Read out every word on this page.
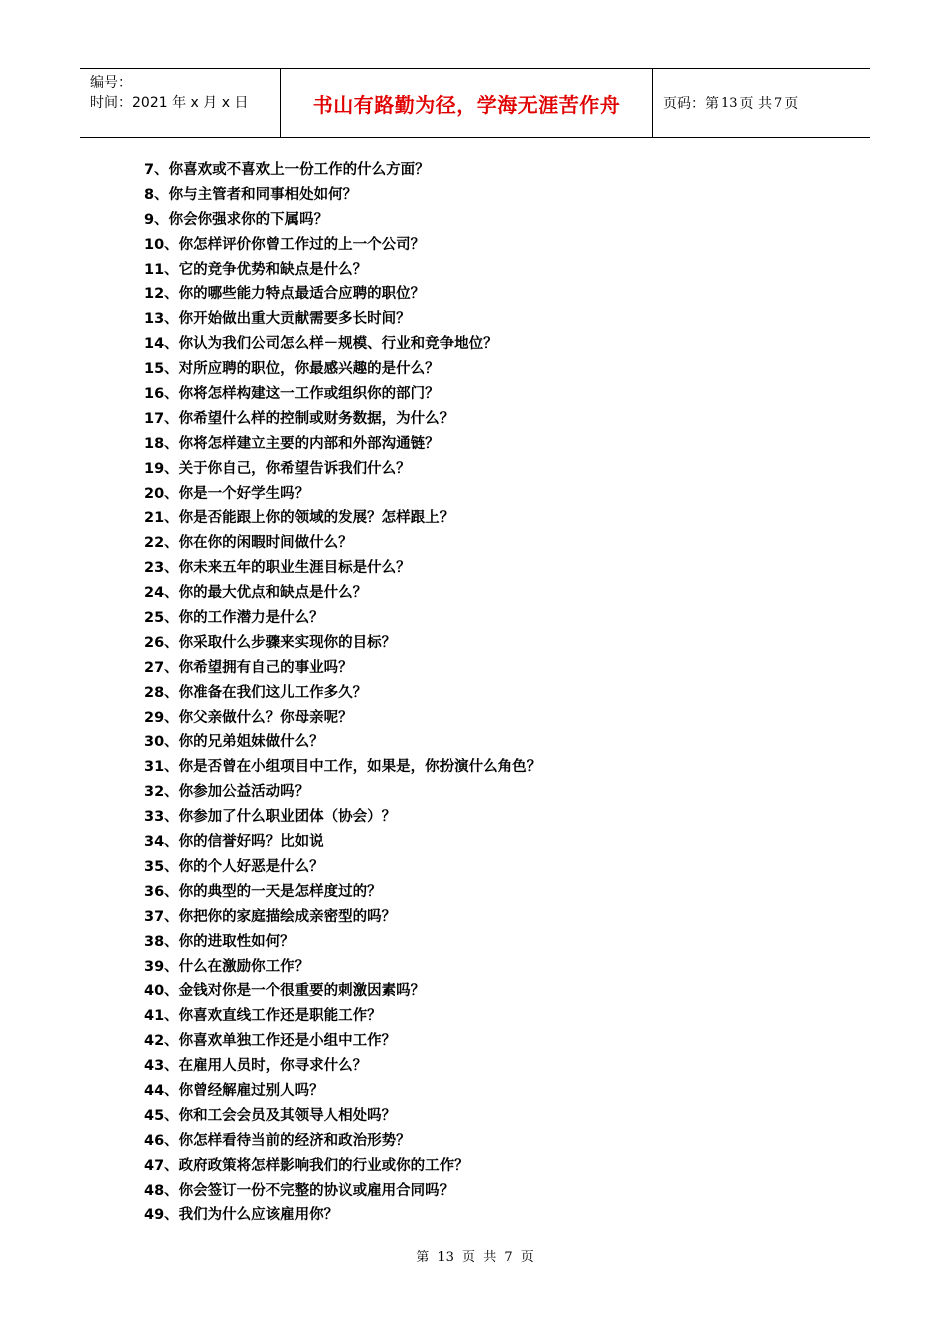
编号：
时间：2021 年 x 月 x 日	书山有路勤为径，学海无涯苦作舟	页码：第 13 页 共 7 页
7、你喜欢或不喜欢上一份工作的什么方面？
8、你与主管者和同事相处如何？
9、你会你强求你的下属吗？
10、你怎样评价你曾工作过的上一个公司？
11、它的竞争优势和缺点是什么？
12、你的哪些能力特点最适合应聘的职位？
13、你开始做出重大贡献需要多长时间？
14、你认为我们公司怎么样－规模、行业和竞争地位？
15、对所应聘的职位，你最感兴趣的是什么？
16、你将怎样构建这一工作或组织你的部门？
17、你希望什么样的控制或财务数据，为什么？
18、你将怎样建立主要的内部和外部沟通链？
19、关于你自己，你希望告诉我们什么？
20、你是一个好学生吗？
21、你是否能跟上你的领域的发展？怎样跟上？
22、你在你的闲暇时间做什么？
23、你未来五年的职业生涯目标是什么？
24、你的最大优点和缺点是什么？
25、你的工作潜力是什么？
26、你采取什么步骤来实现你的目标？
27、你希望拥有自己的事业吗？
28、你准备在我们这儿工作多久？
29、你父亲做什么？你母亲呢？
30、你的兄弟姐妹做什么？
31、你是否曾在小组项目中工作，如果是，你扮演什么角色？
32、你参加公益活动吗？
33、你参加了什么职业团体（协会）？
34、你的信誉好吗？比如说
35、你的个人好恶是什么？
36、你的典型的一天是怎样度过的？
37、你把你的家庭描绘成亲密型的吗？
38、你的进取性如何？
39、什么在激励你工作？
40、金钱对你是一个很重要的刺激因素吗？
41、你喜欢直线工作还是职能工作？
42、你喜欢单独工作还是小组中工作？
43、在雇用人员时，你寻求什么？
44、你曾经解雇过别人吗？
45、你和工会会员及其领导人相处吗？
46、你怎样看待当前的经济和政治形势？
47、政府政策将怎样影响我们的行业或你的工作？
48、你会签订一份不完整的协议或雇用合同吗？
49、我们为什么应该雇用你？
第 13 页 共 7 页
